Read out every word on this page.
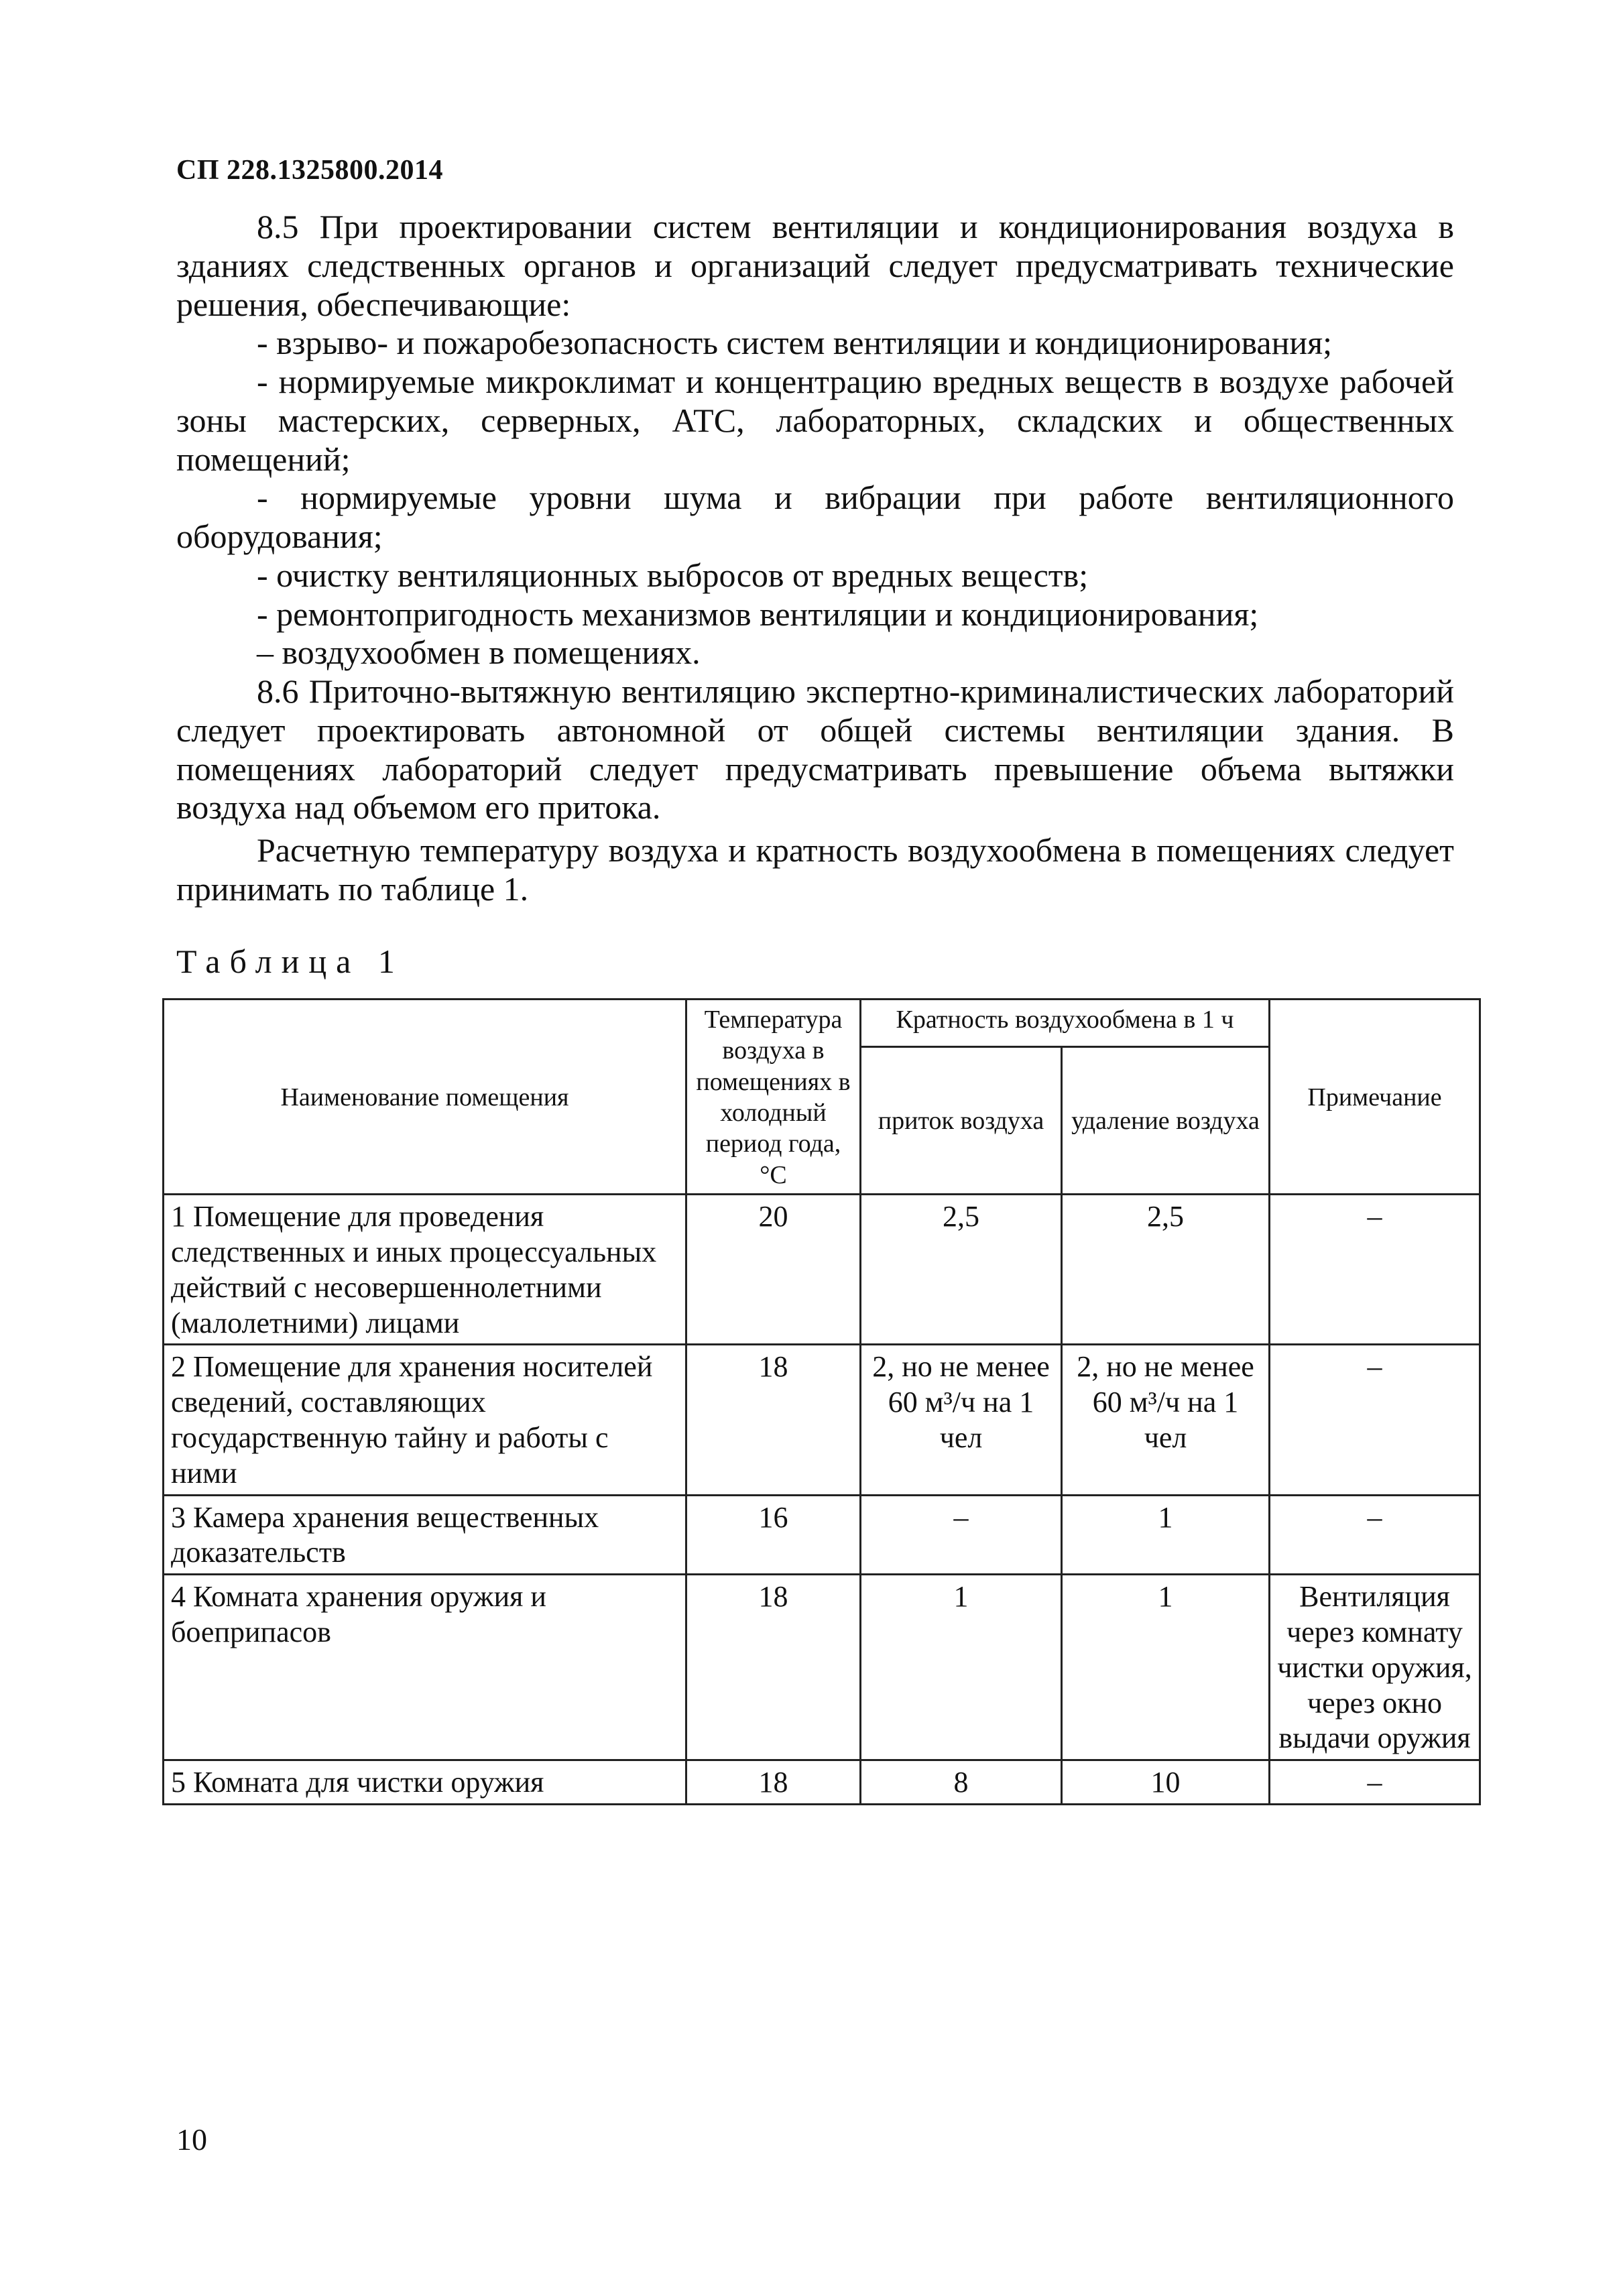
СП 228.1325800.2014

8.5 При проектировании систем вентиляции и кондиционирования воздуха в зданиях следственных органов и организаций следует предусматривать технические решения, обеспечивающие:

- взрыво- и пожаробезопасность систем вентиляции и кондиционирования;

- нормируемые микроклимат и концентрацию вредных веществ в воздухе рабочей зоны мастерских, серверных, АТС, лабораторных, складских и общественных помещений;

- нормируемые уровни шума и вибрации при работе вентиляционного оборудования;

- очистку вентиляционных выбросов от вредных веществ;

- ремонтопригодность механизмов вентиляции и кондиционирования;

– воздухообмен в помещениях.

8.6 Приточно-вытяжную вентиляцию экспертно-криминалистических лабораторий следует проектировать автономной от общей системы вентиляции здания. В помещениях лабораторий следует предусматривать превышение объема вытяжки воздуха над объемом его притока.

Расчетную температуру воздуха и кратность воздухообмена в помещениях следует принимать по таблице 1.

Таблица 1
Наименование помещения	Температура воздуха в помещениях в холодный период года, °С	Кратность воздухообмена в 1 ч		Примечание
		приток воздуха	удаление воздуха	
1 Помещение для проведения следственных и иных процессуальных действий с несовершеннолетними (малолетними) лицами	20	2,5	2,5	–
2 Помещение для хранения носителей сведений, составляющих государственную тайну и работы с ними	18	2, но не менее 60 м³/ч на 1 чел	2, но не менее 60 м³/ч на 1 чел	–
3 Камера хранения вещественных доказательств	16	–	1	–
4 Комната хранения оружия и боеприпасов	18	1	1	Вентиляция через комнату чистки оружия, через окно выдачи оружия
5 Комната для чистки оружия	18	8	10	–
10
